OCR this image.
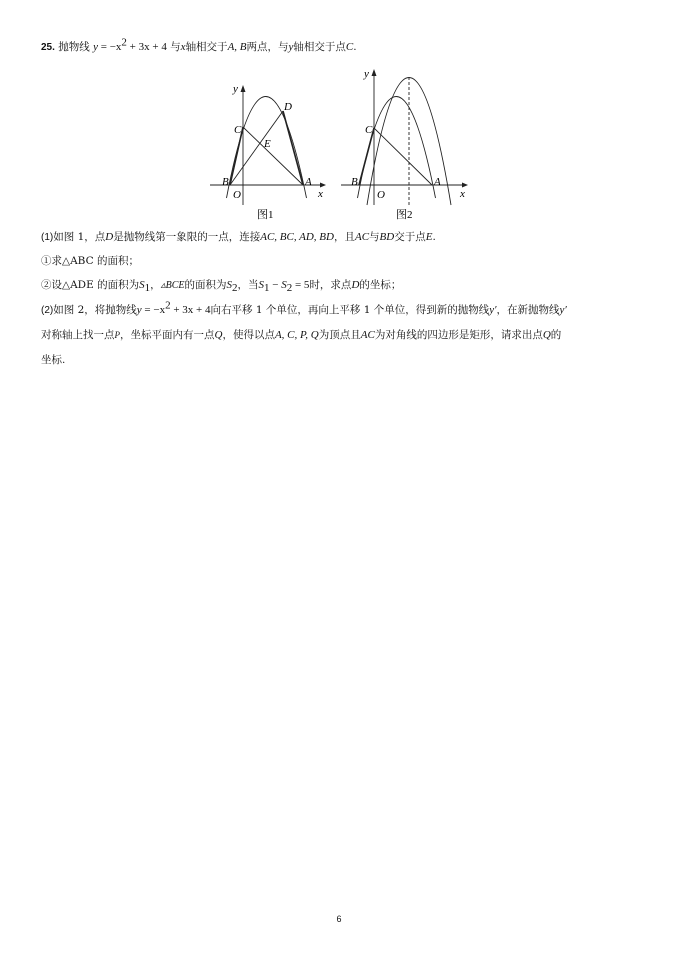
25. 抛物线 $y = -x^2 + 3x + 4$ 与x轴相交于A, B两点，与y轴相交于点C.
y
x
O
B	A
C
D
E
图1
y
x
O
B	A
C
图2
(1)如图 1，点D是抛物线第一象限的一点，连接AC, BC, AD, BD，且AC与BD交于点E.
①求△ABC 的面积；
②设△ADE 的面积为$S_1$，▵BCE的面积为$S_2$，当$S_1 - S_2 = 5$时，求点D的坐标；
(2)如图 2，将抛物线$y = -x^2 + 3x + 4$向右平移 1 个单位，再向上平移 1 个单位，得到新的抛物线y′，在新抛物线y′
对称轴上找一点P，坐标平面内有一点Q，使得以点A, C, P, Q为顶点且AC为对角线的四边形是矩形，请求出点Q的
坐标.
6
